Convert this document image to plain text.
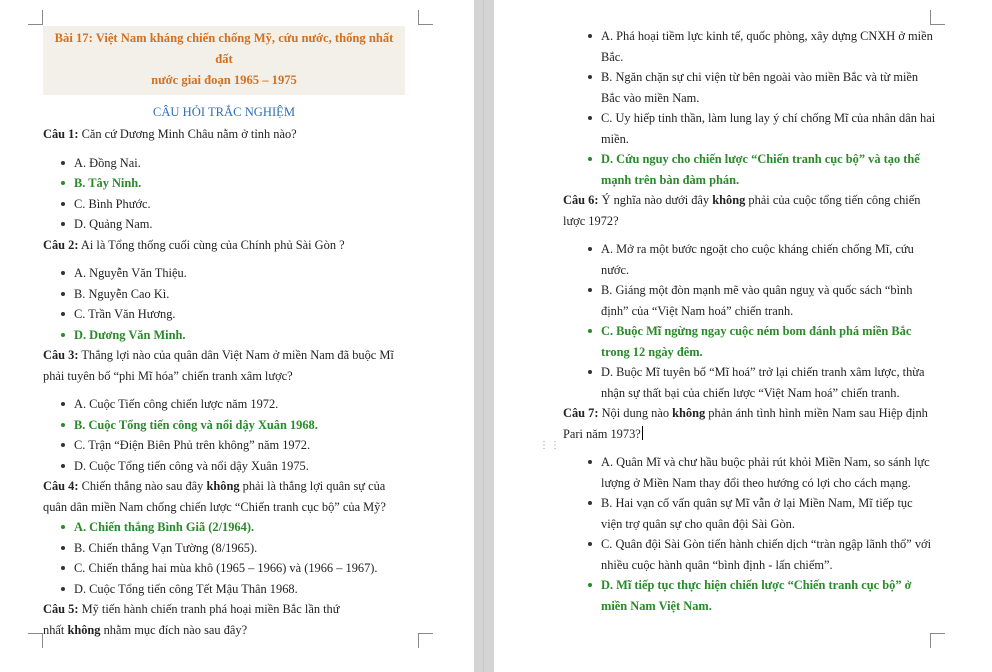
Bài 17: Việt Nam kháng chiến chống Mỹ, cứu nước, thống nhất đất
nước giai đoạn 1965 – 1975
CÂU HỎI TRẮC NGHIỆM

Câu 1: Căn cứ Dương Minh Châu nằm ở tỉnh nào?

A. Đồng Nai.
B. Tây Ninh.
C. Bình Phước.
D. Quảng Nam.

Câu 2: Ai là Tổng thống cuối cùng của Chính phủ Sài Gòn ?

A. Nguyễn Văn Thiệu.
B. Nguyễn Cao Kì.
C. Trần Văn Hương.
D. Dương Văn Minh.

Câu 3: Thắng lợi nào của quân dân Việt Nam ở miền Nam đã buộc Mĩ

phải tuyên bố “phi Mĩ hóa” chiến tranh xâm lược?

A. Cuộc Tiến công chiến lược năm 1972.
B. Cuộc Tổng tiến công và nổi dậy Xuân 1968.
C. Trận “Điện Biên Phủ trên không” năm 1972.
D. Cuộc Tổng tiến công và nổi dậy Xuân 1975.

Câu 4: Chiến thắng nào sau đây không phải là thắng lợi quân sự của

quân dân miền Nam chống chiến lược “Chiến tranh cục bộ” của Mỹ?

A. Chiến thắng Bình Giã (2/1964).
B. Chiến thắng Vạn Tường (8/1965).
C. Chiến thắng hai mùa khô (1965 – 1966) và (1966 – 1967).
D. Cuộc Tổng tiến công Tết Mậu Thân 1968.

Câu 5: Mỹ tiến hành chiến tranh phá hoại miền Bắc lần thứ

nhất không nhằm mục đích nào sau đây?

⋮⋮
A. Phá hoại tiềm lực kinh tế, quốc phòng, xây dựng CNXH ở miền
Bắc.
B. Ngăn chặn sự chi viện từ bên ngoài vào miền Bắc và từ miền
Bắc vào miền Nam.
C. Uy hiếp tinh thần, làm lung lay ý chí chống Mĩ của nhân dân hai
miền.
D. Cứu nguy cho chiến lược “Chiến tranh cục bộ” và tạo thế
mạnh trên bàn đàm phán.

Câu 6: Ý nghĩa nào dưới đây không phải của cuộc tổng tiến công chiến

lược 1972?

A. Mở ra một bước ngoặt cho cuộc kháng chiến chống Mĩ, cứu
nước.
B. Giáng một đòn mạnh mẽ vào quân nguỵ và quốc sách “bình
định” của “Việt Nam hoá” chiến tranh.
C. Buộc Mĩ ngừng ngay cuộc ném bom đánh phá miền Bắc
trong 12 ngày đêm.
D. Buộc Mĩ tuyên bố “Mĩ hoá” trở lại chiến tranh xâm lược, thừa
nhận sự thất bại của chiến lược “Việt Nam hoá” chiến tranh.

Câu 7: Nội dung nào không phản ánh tình hình miền Nam sau Hiệp định

Pari năm 1973?

A. Quân Mĩ và chư hầu buộc phải rút khỏi Miền Nam, so sánh lực
lượng ở Miền Nam thay đổi theo hướng có lợi cho cách mạng.
B. Hai vạn cố vấn quân sự Mĩ vẫn ở lại Miền Nam, Mĩ tiếp tục
viện trợ quân sự cho quân đội Sài Gòn.
C. Quân đội Sài Gòn tiến hành chiến dịch “tràn ngập lãnh thổ” với
nhiều cuộc hành quân “bình định - lấn chiếm”.
D. Mĩ tiếp tục thực hiện chiến lược “Chiến tranh cục bộ” ở
miền Nam Việt Nam.
